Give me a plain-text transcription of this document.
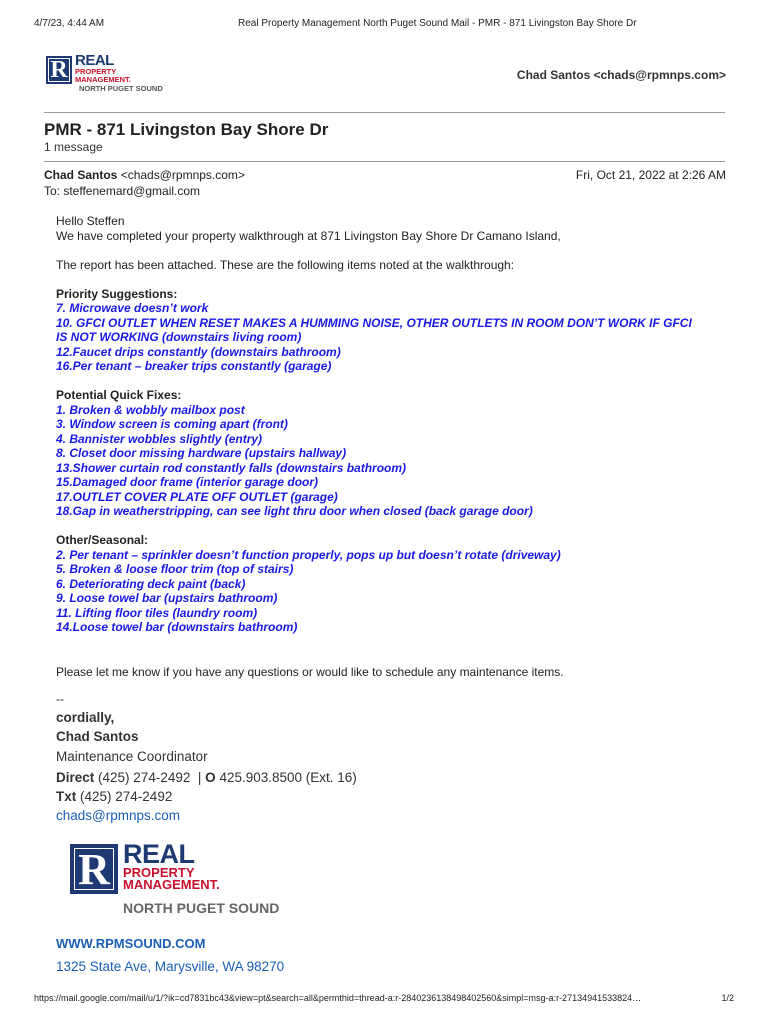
4/7/23, 4:44 AM	Real Property Management North Puget Sound Mail - PMR - 871 Livingston Bay Shore Dr
R REAL
PROPERTY
MANAGEMENT.
NORTH PUGET SOUND
Chad Santos <chads@rpmnps.com>
PMR - 871 Livingston Bay Shore Dr
1 message
Chad Santos <chads@rpmnps.com>	Fri, Oct 21, 2022 at 2:26 AM
To: steffenemard@gmail.com

Hello Steffen

We have completed your property walkthrough at 871 Livingston Bay Shore Dr Camano Island,

The report has been attached. These are the following items noted at the walkthrough:

Priority Suggestions:

7. Microwave doesn’t work

10. GFCI OUTLET WHEN RESET MAKES A HUMMING NOISE, OTHER OUTLETS IN ROOM DON’T WORK IF GFCI

IS NOT WORKING (downstairs living room)

12.Faucet drips constantly (downstairs bathroom)

16.Per tenant – breaker trips constantly (garage)

Potential Quick Fixes:

1. Broken & wobbly mailbox post

3. Window screen is coming apart (front)

4. Bannister wobbles slightly (entry)

8. Closet door missing hardware (upstairs hallway)

13.Shower curtain rod constantly falls (downstairs bathroom)

15.Damaged door frame (interior garage door)

17.OUTLET COVER PLATE OFF OUTLET (garage)

18.Gap in weatherstripping, can see light thru door when closed (back garage door)

Other/Seasonal:

2. Per tenant – sprinkler doesn’t function properly, pops up but doesn’t rotate (driveway)

5. Broken & loose floor trim (top of stairs)

6. Deteriorating deck paint (back)

9. Loose towel bar (upstairs bathroom)

11. Lifting floor tiles (laundry room)

14.Loose towel bar (downstairs bathroom)

Please let me know if you have any questions or would like to schedule any maintenance items.
--
cordially,
Chad Santos
Maintenance Coordinator
Direct (425) 274-2492 | O 425.903.8500 (Ext. 16)
Txt (425) 274-2492
chads@rpmnps.com
R REAL
PROPERTY
MANAGEMENT.
NORTH PUGET SOUND
WWW.RPMSOUND.COM
1325 State Ave, Marysville, WA 98270
https://mail.google.com/mail/u/1/?ik=cd7831bc43&view=pt&search=all&permthid=thread-a:r-2840236138498402560&simpl=msg-a:r-27134941533824…	1/2
